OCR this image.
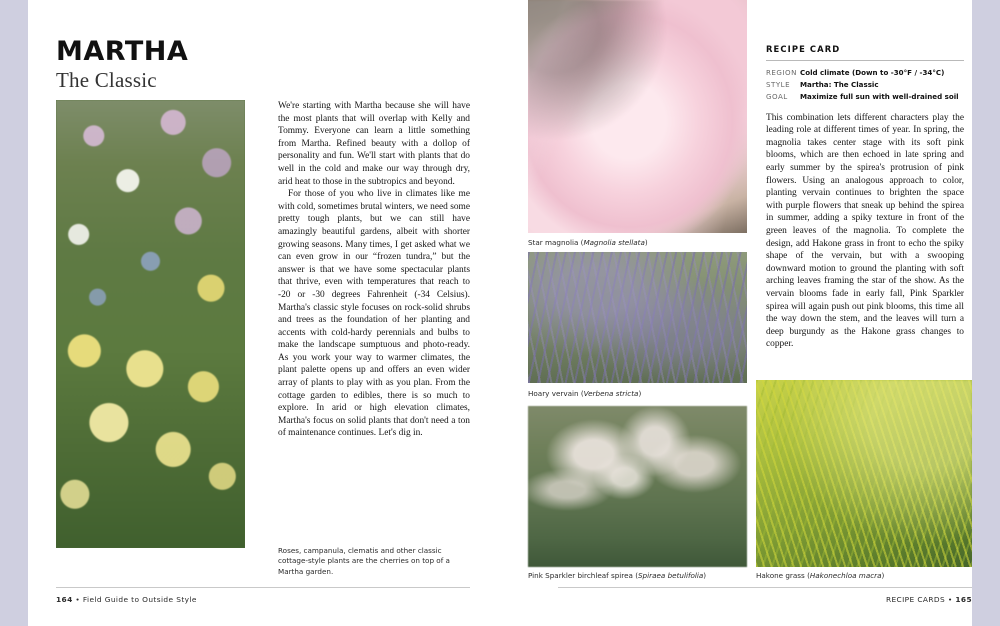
MARTHA
The Classic
Roses, campanula, clematis and other classic cottage-style plants are the cherries on top of a Martha garden.

We're starting with Martha because she will have the most plants that will overlap with Kelly and Tommy. Everyone can learn a little something from Martha. Refined beauty with a dollop of personality and fun. We'll start with plants that do well in the cold and make our way through dry, arid heat to those in the subtropics and beyond.

For those of you who live in climates like me with cold, sometimes brutal winters, we need some pretty tough plants, but we can still have amazingly beautiful gardens, albeit with shorter growing seasons. Many times, I get asked what we can even grow in our “frozen tundra,” but the answer is that we have some spectacular plants that thrive, even with temperatures that reach to -20 or -30 degrees Fahrenheit (-34 Celsius). Martha's classic style focuses on rock-solid shrubs and trees as the foundation of her planting and accents with cold-hardy perennials and bulbs to make the landscape sumptuous and photo-ready. As you work your way to warmer climates, the plant palette opens up and offers an even wider array of plants to play with as you plan. From the cottage garden to edibles, there is so much to explore. In arid or high elevation climates, Martha's focus on solid plants that don't need a ton of maintenance continues. Let's dig in.

164 • Field Guide to Outside Style
Star magnolia (Magnolia stellata)
Hoary vervain (Verbena stricta)
Pink Sparkler birchleaf spirea (Spiraea betulifolia)	Hakone grass (Hakonechloa macra)
RECIPE CARD
REGION Cold climate (Down to -30°F / -34°C)
STYLE	Martha: The Classic
GOAL	Maximize full sun with well-drained soil

This combination lets different characters play the leading role at different times of year. In spring, the magnolia takes center stage with its soft pink blooms, which are then echoed in late spring and early summer by the spirea's protrusion of pink flowers. Using an analogous approach to color, planting vervain continues to brighten the space with purple flowers that sneak up behind the spirea in summer, adding a spiky texture in front of the green leaves of the magnolia. To complete the design, add Hakone grass in front to echo the spiky shape of the vervain, but with a swooping downward motion to ground the planting with soft arching leaves framing the star of the show. As the vervain blooms fade in early fall, Pink Sparkler spirea will again push out pink blooms, this time all the way down the stem, and the leaves will turn a deep burgundy as the Hakone grass changes to copper.

RECIPE CARDS • 165
